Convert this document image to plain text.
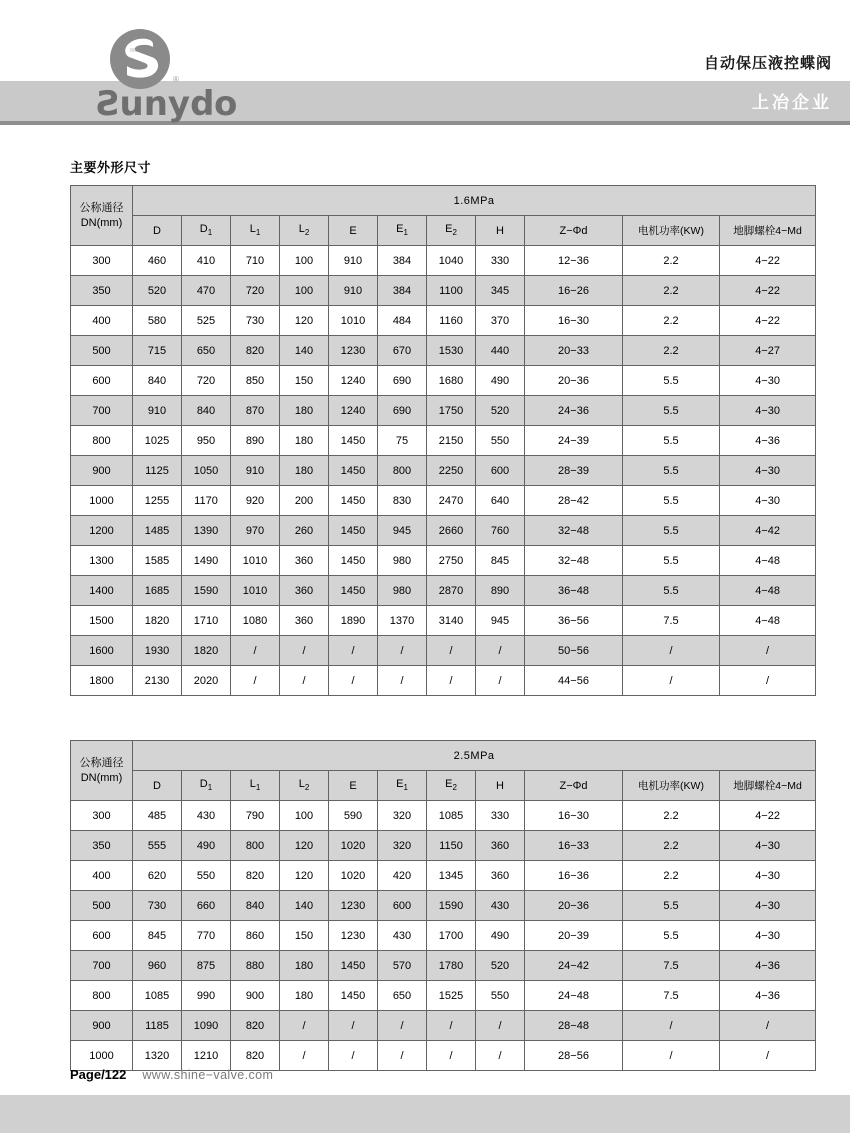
®
Sunydo
自动保压液控蝶阀
上冶企业
主要外形尺寸
公称通径
DN(mm)	1.6MPa										
	D	$D_1$	$L_1$	$L_2$	E	$E_1$	$E_2$	H	Z−Φd	电机功率(KW)	地脚螺栓4−Md
300	460	410	710	100	910	384	1040	330	12−36	2.2	4−22
350	520	470	720	100	910	384	1100	345	16−26	2.2	4−22
400	580	525	730	120	1010	484	1160	370	16−30	2.2	4−22
500	715	650	820	140	1230	670	1530	440	20−33	2.2	4−27
600	840	720	850	150	1240	690	1680	490	20−36	5.5	4−30
700	910	840	870	180	1240	690	1750	520	24−36	5.5	4−30
800	1025	950	890	180	1450	75	2150	550	24−39	5.5	4−36
900	1125	1050	910	180	1450	800	2250	600	28−39	5.5	4−30
1000	1255	1170	920	200	1450	830	2470	640	28−42	5.5	4−30
1200	1485	1390	970	260	1450	945	2660	760	32−48	5.5	4−42
1300	1585	1490	1010	360	1450	980	2750	845	32−48	5.5	4−48
1400	1685	1590	1010	360	1450	980	2870	890	36−48	5.5	4−48
1500	1820	1710	1080	360	1890	1370	3140	945	36−56	7.5	4−48
1600	1930	1820	/	/	/	/	/	/	50−56	/	/
1800	2130	2020	/	/	/	/	/	/	44−56	/	/
公称通径
DN(mm)	2.5MPa										
	D	$D_1$	$L_1$	$L_2$	E	$E_1$	$E_2$	H	Z−Φd	电机功率(KW)	地脚螺栓4−Md
300	485	430	790	100	590	320	1085	330	16−30	2.2	4−22
350	555	490	800	120	1020	320	1150	360	16−33	2.2	4−30
400	620	550	820	120	1020	420	1345	360	16−36	2.2	4−30
500	730	660	840	140	1230	600	1590	430	20−36	5.5	4−30
600	845	770	860	150	1230	430	1700	490	20−39	5.5	4−30
700	960	875	880	180	1450	570	1780	520	24−42	7.5	4−36
800	1085	990	900	180	1450	650	1525	550	24−48	7.5	4−36
900	1185	1090	820	/	/	/	/	/	28−48	/	/
1000	1320	1210	820	/	/	/	/	/	28−56	/	/
Page/122 www.shine−valve.com
